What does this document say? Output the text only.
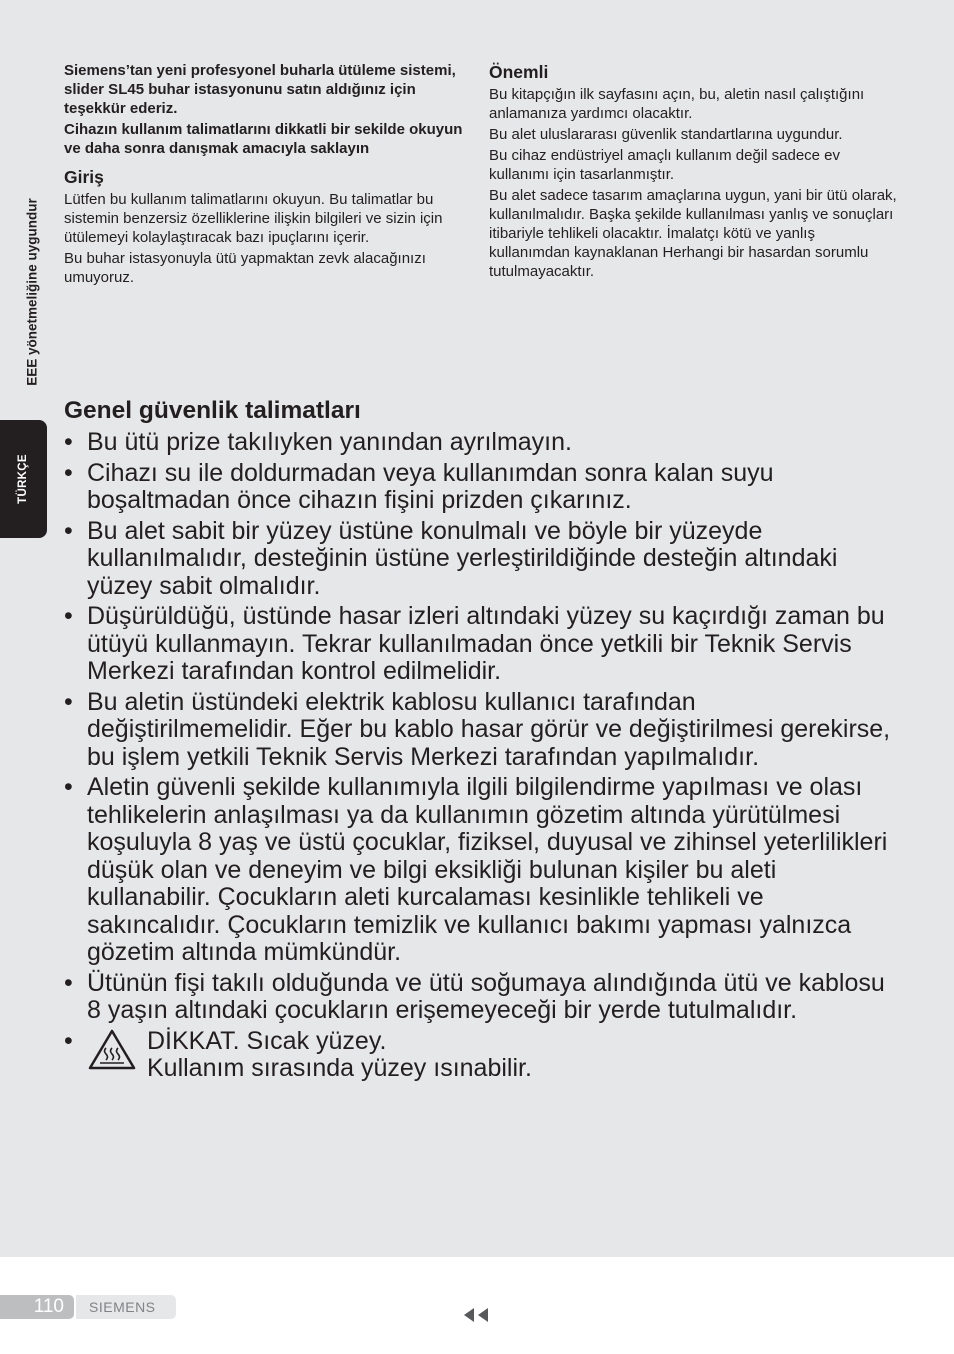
EEE yönetmeliğine uygundur
TÜRKÇE

Siemens’tan yeni profesyonel buharla ütüleme sistemi, slider SL45 buhar istasyonunu satın aldığınız için teşekkür ederiz.

Cihazın kullanım talimatlarını dikkatli bir sekilde okuyun ve daha sonra danışmak amacıyla saklayın

Giriş

Lütfen bu kullanım talimatlarını okuyun. Bu talimatlar bu sistemin benzersiz özelliklerine ilişkin bilgileri ve sizin için ütülemeyi kolaylaştıracak bazı ipuçlarını içerir.

Bu buhar istasyonuyla ütü yapmaktan zevk alacağınızı umuyoruz.

Önemli

Bu kitapçığın ilk sayfasını açın, bu, aletin nasıl çalıştığını anlamanıza yardımcı olacaktır.

Bu alet uluslararası güvenlik standartlarına uygundur.

Bu cihaz endüstriyel amaçlı kullanım değil sadece ev kullanımı için tasarlanmıştır.

Bu alet sadece tasarım amaçlarına uygun, yani bir ütü olarak, kullanılmalıdır. Başka şekilde kullanılması yanlış ve sonuçları itibariyle tehlikeli olacaktır. İmalatçı kötü ve yanlış kullanımdan kaynaklanan Herhangi bir hasardan sorumlu tutulmayacaktır.

Genel güvenlik talimatları
• Bu ütü prize takılıyken yanından ayrılmayın.
• Cihazı su ile doldurmadan veya kullanımdan sonra kalan suyu boşaltmadan önce cihazın fişini prizden çıkarınız.
• Bu alet sabit bir yüzey üstüne konulmalı ve böyle bir yüzeyde kullanılmalıdır, desteğinin üstüne yerleştirildiğinde desteğin altındaki yüzey sabit olmalıdır.
• Düşürüldüğü, üstünde hasar izleri altındaki yüzey su kaçırdığı zaman bu ütüyü kullanmayın. Tekrar kullanılmadan önce yetkili bir Teknik Servis Merkezi tarafından kontrol edilmelidir.
• Bu aletin üstündeki elektrik kablosu kullanıcı tarafından değiştirilmemelidir. Eğer bu kablo hasar görür ve değiştirilmesi gerekirse, bu işlem yetkili Teknik Servis Merkezi tarafından yapılmalıdır.
• Aletin güvenli şekilde kullanımıyla ilgili bilgilendirme yapılması ve olası tehlikelerin anlaşılması ya da kullanımın gözetim altında yürütülmesi koşuluyla 8 yaş ve üstü çocuklar, fiziksel, duyusal ve zihinsel yeterlilikleri düşük olan ve deneyim ve bilgi eksikliği bulunan kişiler bu aleti kullanabilir. Çocukların aleti kurcalaması kesinlikle tehlikeli ve sakıncalıdır. Çocukların temizlik ve kullanıcı bakımı yapması yalnızca gözetim altında mümkündür.
• Ütünün fişi takılı olduğunda ve ütü soğumaya alındığında ütü ve kablosu 8 yaşın altındaki çocukların erişemeyeceği bir yerde tutulmalıdır.
•	DİKKAT. Sıcak yüzey.
Kullanım sırasında yüzey ısınabilir.
110 SIEMENS
